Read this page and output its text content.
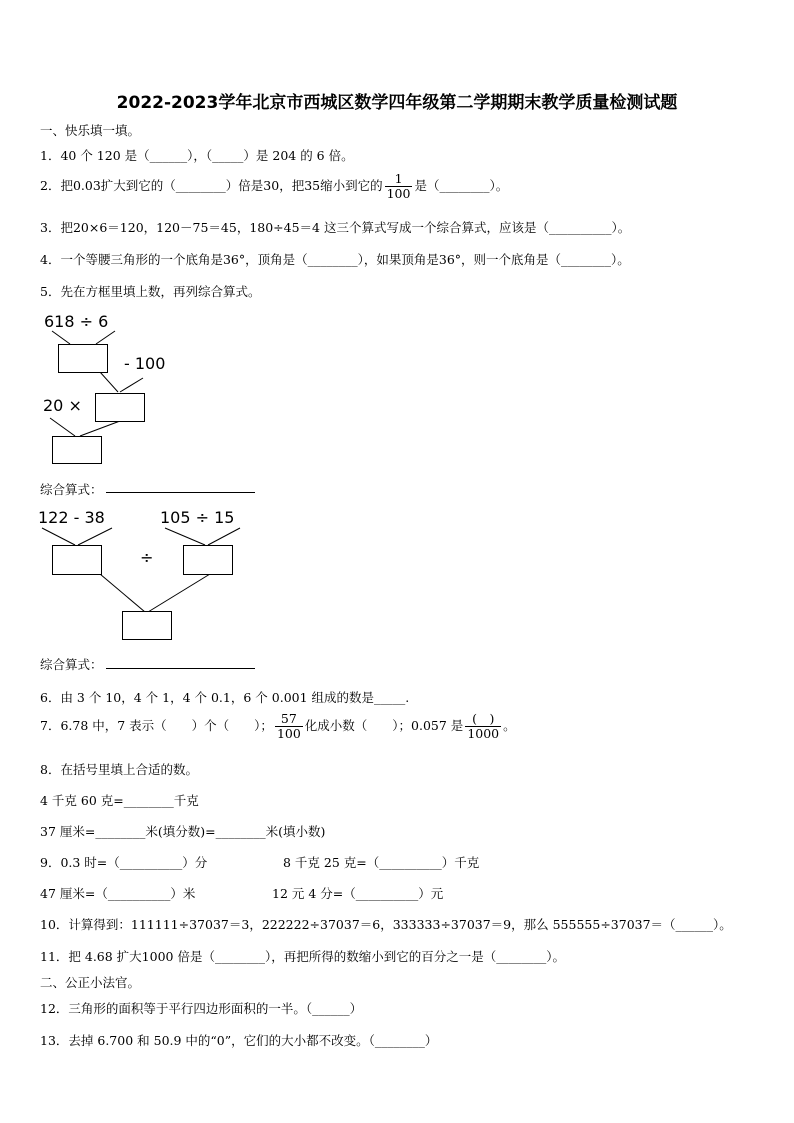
2022-2023学年北京市西城区数学四年级第二学期期末教学质量检测试题
一、快乐填一填。
1．40 个 120 是（______），（_____）是 204 的 6 倍。
2．把0.03扩大到它的（________）倍是30，把35缩小到它的 $\frac{1}{100}$ 是（________）。
3．把20×6＝120，120－75＝45，180÷45＝4 这三个算式写成一个综合算式，应该是（__________）。
4．一个等腰三角形的一个底角是36°，顶角是（________），如果顶角是36°，则一个底角是（________）。
5．先在方框里填上数，再列综合算式。
618 ÷ 6
- 100
20 ×
综合算式：
122 - 38	105 ÷ 15
÷
综合算式：
6．由 3 个 10，4 个 1，4 个 0.1，6 个 0.001 组成的数是_____.
7．6.78 中，7 表示（　　）个（　　）； $\frac{57}{100}$ 化成小数（　　）；0.057 是 $\frac{( )}{1000}$ 。
8．在括号里填上合适的数。
4 千克 60 克=________千克
37 厘米=________米(填分数)=________米(填小数)
9．0.3 时=（__________）分	8 千克 25 克=（__________）千克
47 厘米=（__________）米	12 元 4 分=（__________）元
10．计算得到：111111÷37037＝3，222222÷37037＝6，333333÷37037＝9，那么 555555÷37037＝（______）。
11．把 4.68 扩大1000 倍是（________），再把所得的数缩小到它的百分之一是（________）。
二、公正小法官。
12．三角形的面积等于平行四边形面积的一半。（______）
13．去掉 6.700 和 50.9 中的“0”，它们的大小都不改变。（________）
